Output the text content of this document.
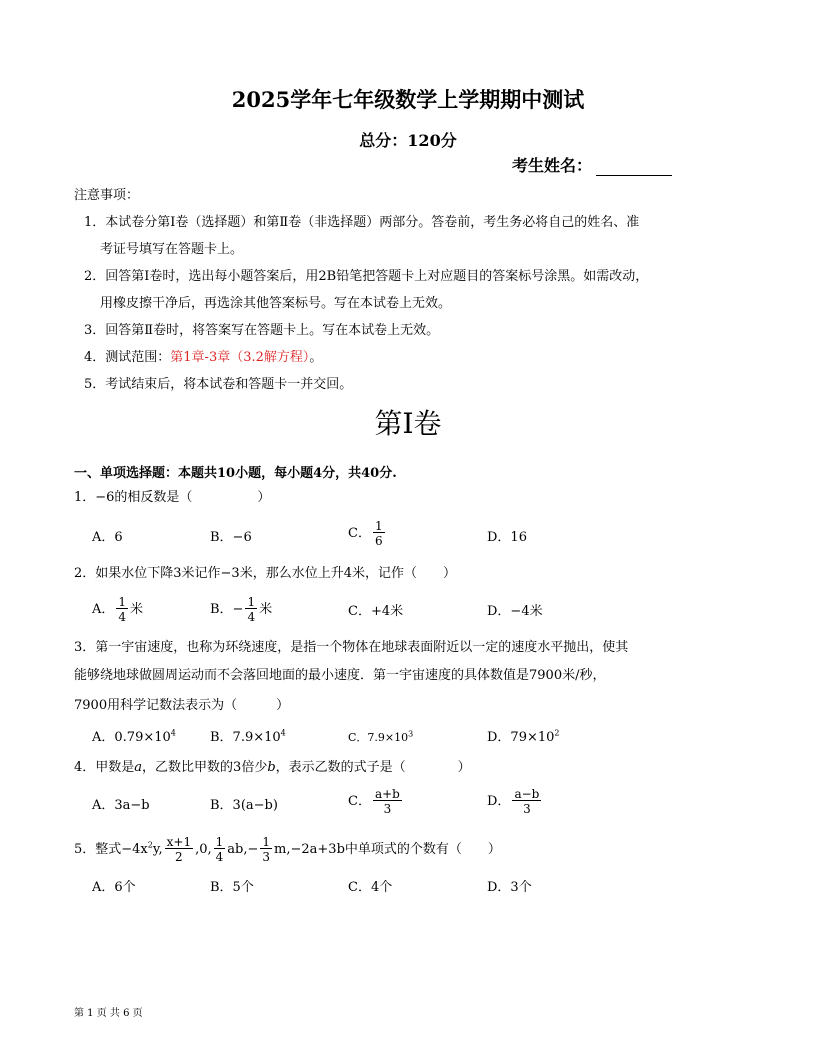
2025学年七年级数学上学期期中测试
总分：120分
考生姓名：
注意事项：
1．本试卷分第Ⅰ卷（选择题）和第Ⅱ卷（非选择题）两部分。答卷前，考生务必将自己的姓名、准
考证号填写在答题卡上。
2．回答第Ⅰ卷时，选出每小题答案后，用2B铅笔把答题卡上对应题目的答案标号涂黑。如需改动，
用橡皮擦干净后，再选涂其他答案标号。写在本试卷上无效。
3．回答第Ⅱ卷时，将答案写在答题卡上。写在本试卷上无效。
4．测试范围：第1章-3章（3.2解方程）。
5．考试结束后，将本试卷和答题卡一并交回。
第Ⅰ卷
一、单项选择题：本题共10小题，每小题4分，共40分.
1．−6的相反数是（　　　　　）
A．6	B．−6	C． $\frac{1}{6}$	D．16
2．如果水位下降3米记作−3米，那么水位上升4米，记作（　　）
A． $\frac{1}{4}$ 米	B．− $\frac{1}{4}$ 米	C．+4米	D．−4米
3．第一宇宙速度，也称为环绕速度，是指一个物体在地球表面附近以一定的速度水平抛出，使其
能够绕地球做圆周运动而不会落回地面的最小速度．第一宇宙速度的具体数值是7900米/秒，
7900用科学记数法表示为（　　　）
A．$0.79\times 10^4$	B．$7.9\times 10^4$	C．$7.9\times 10^3$	D．$79\times 10^2$
4．甲数是a，乙数比甲数的3倍少b，表示乙数的式子是（　　　　）
A．3a−b	B．3(a−b)	C． $\frac{a+b}{3}$	D． $\frac{a-b}{3}$
5．整式$-4x^2y$, $\frac{x+1}{2} ,0$, $\frac{1}{4} ab,- \frac{1}{3} m,-2a+3b$中单项式的个数有（　　）
A．6个	B．5个	C．4个	D．3个
第 1 页 共 6 页
